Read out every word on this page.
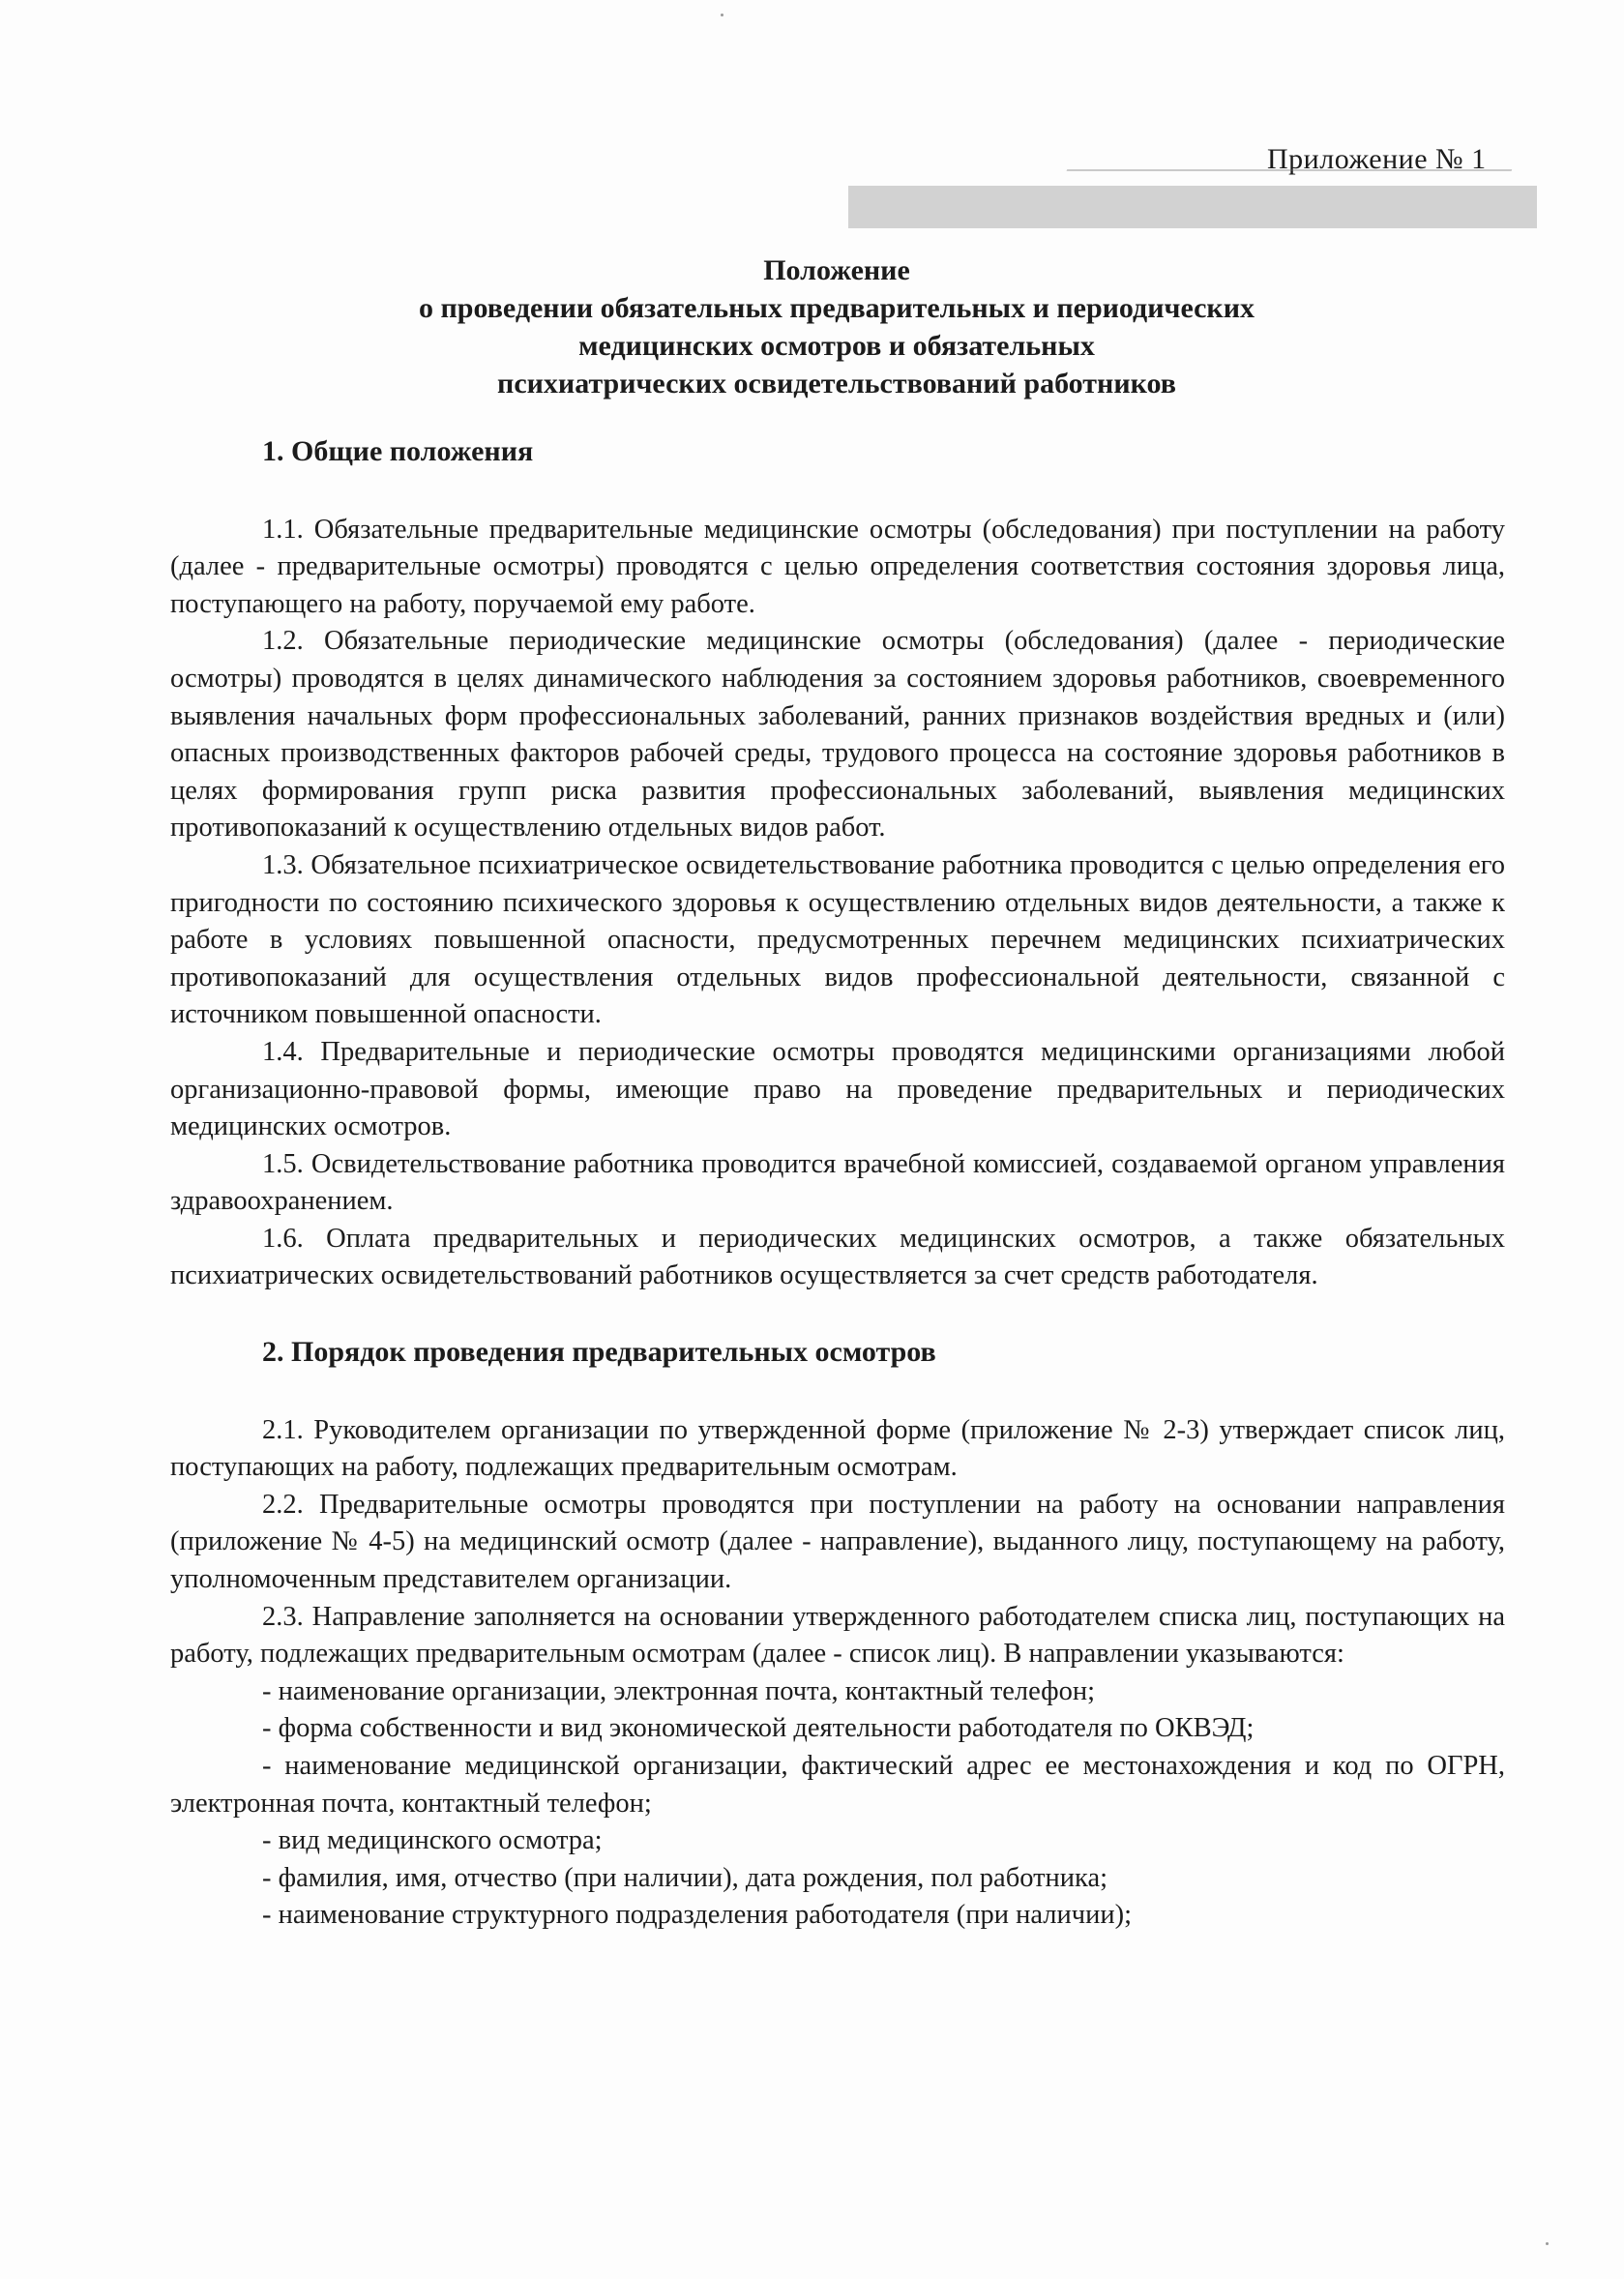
Приложение № 1
Положение
о проведении обязательных предварительных и периодических
медицинских осмотров и обязательных
психиатрических освидетельствований работников

1. Общие положения

1.1. Обязательные предварительные медицинские осмотры (обследования) при поступлении на работу (далее - предварительные осмотры) проводятся с целью определения соответствия состояния здоровья лица, поступающего на работу, поручаемой ему работе.

1.2. Обязательные периодические медицинские осмотры (обследования) (далее - периодические осмотры) проводятся в целях динамического наблюдения за состоянием здоровья работников, своевременного выявления начальных форм профессиональных заболеваний, ранних признаков воздействия вредных и (или) опасных производственных факторов рабочей среды, трудового процесса на состояние здоровья работников в целях формирования групп риска развития профессиональных заболеваний, выявления медицинских противопоказаний к осуществлению отдельных видов работ.

1.3. Обязательное психиатрическое освидетельствование работника проводится с целью определения его пригодности по состоянию психического здоровья к осуществлению отдельных видов деятельности, а также к работе в условиях повышенной опасности, предусмотренных перечнем медицинских психиатрических противопоказаний для осуществления отдельных видов профессиональной деятельности, связанной с источником повышенной опасности.

1.4. Предварительные и периодические осмотры проводятся медицинскими организациями любой организационно-правовой формы, имеющие право на проведение предварительных и периодических медицинских осмотров.

1.5. Освидетельствование работника проводится врачебной комиссией, создаваемой органом управления здравоохранением.

1.6. Оплата предварительных и периодических медицинских осмотров, а также обязательных психиатрических освидетельствований работников осуществляется за счет средств работодателя.

2. Порядок проведения предварительных осмотров

2.1. Руководителем организации по утвержденной форме (приложение № 2-3) утверждает список лиц, поступающих на работу, подлежащих предварительным осмотрам.

2.2. Предварительные осмотры проводятся при поступлении на работу на основании направления (приложение № 4-5) на медицинский осмотр (далее - направление), выданного лицу, поступающему на работу, уполномоченным представителем организации.

2.3. Направление заполняется на основании утвержденного работодателем списка лиц, поступающих на работу, подлежащих предварительным осмотрам (далее - список лиц). В направлении указываются:

- наименование организации, электронная почта, контактный телефон;

- форма собственности и вид экономической деятельности работодателя по ОКВЭД;

- наименование медицинской организации, фактический адрес ее местонахождения и код по ОГРН, электронная почта, контактный телефон;

- вид медицинского осмотра;

- фамилия, имя, отчество (при наличии), дата рождения, пол работника;

- наименование структурного подразделения работодателя (при наличии);
